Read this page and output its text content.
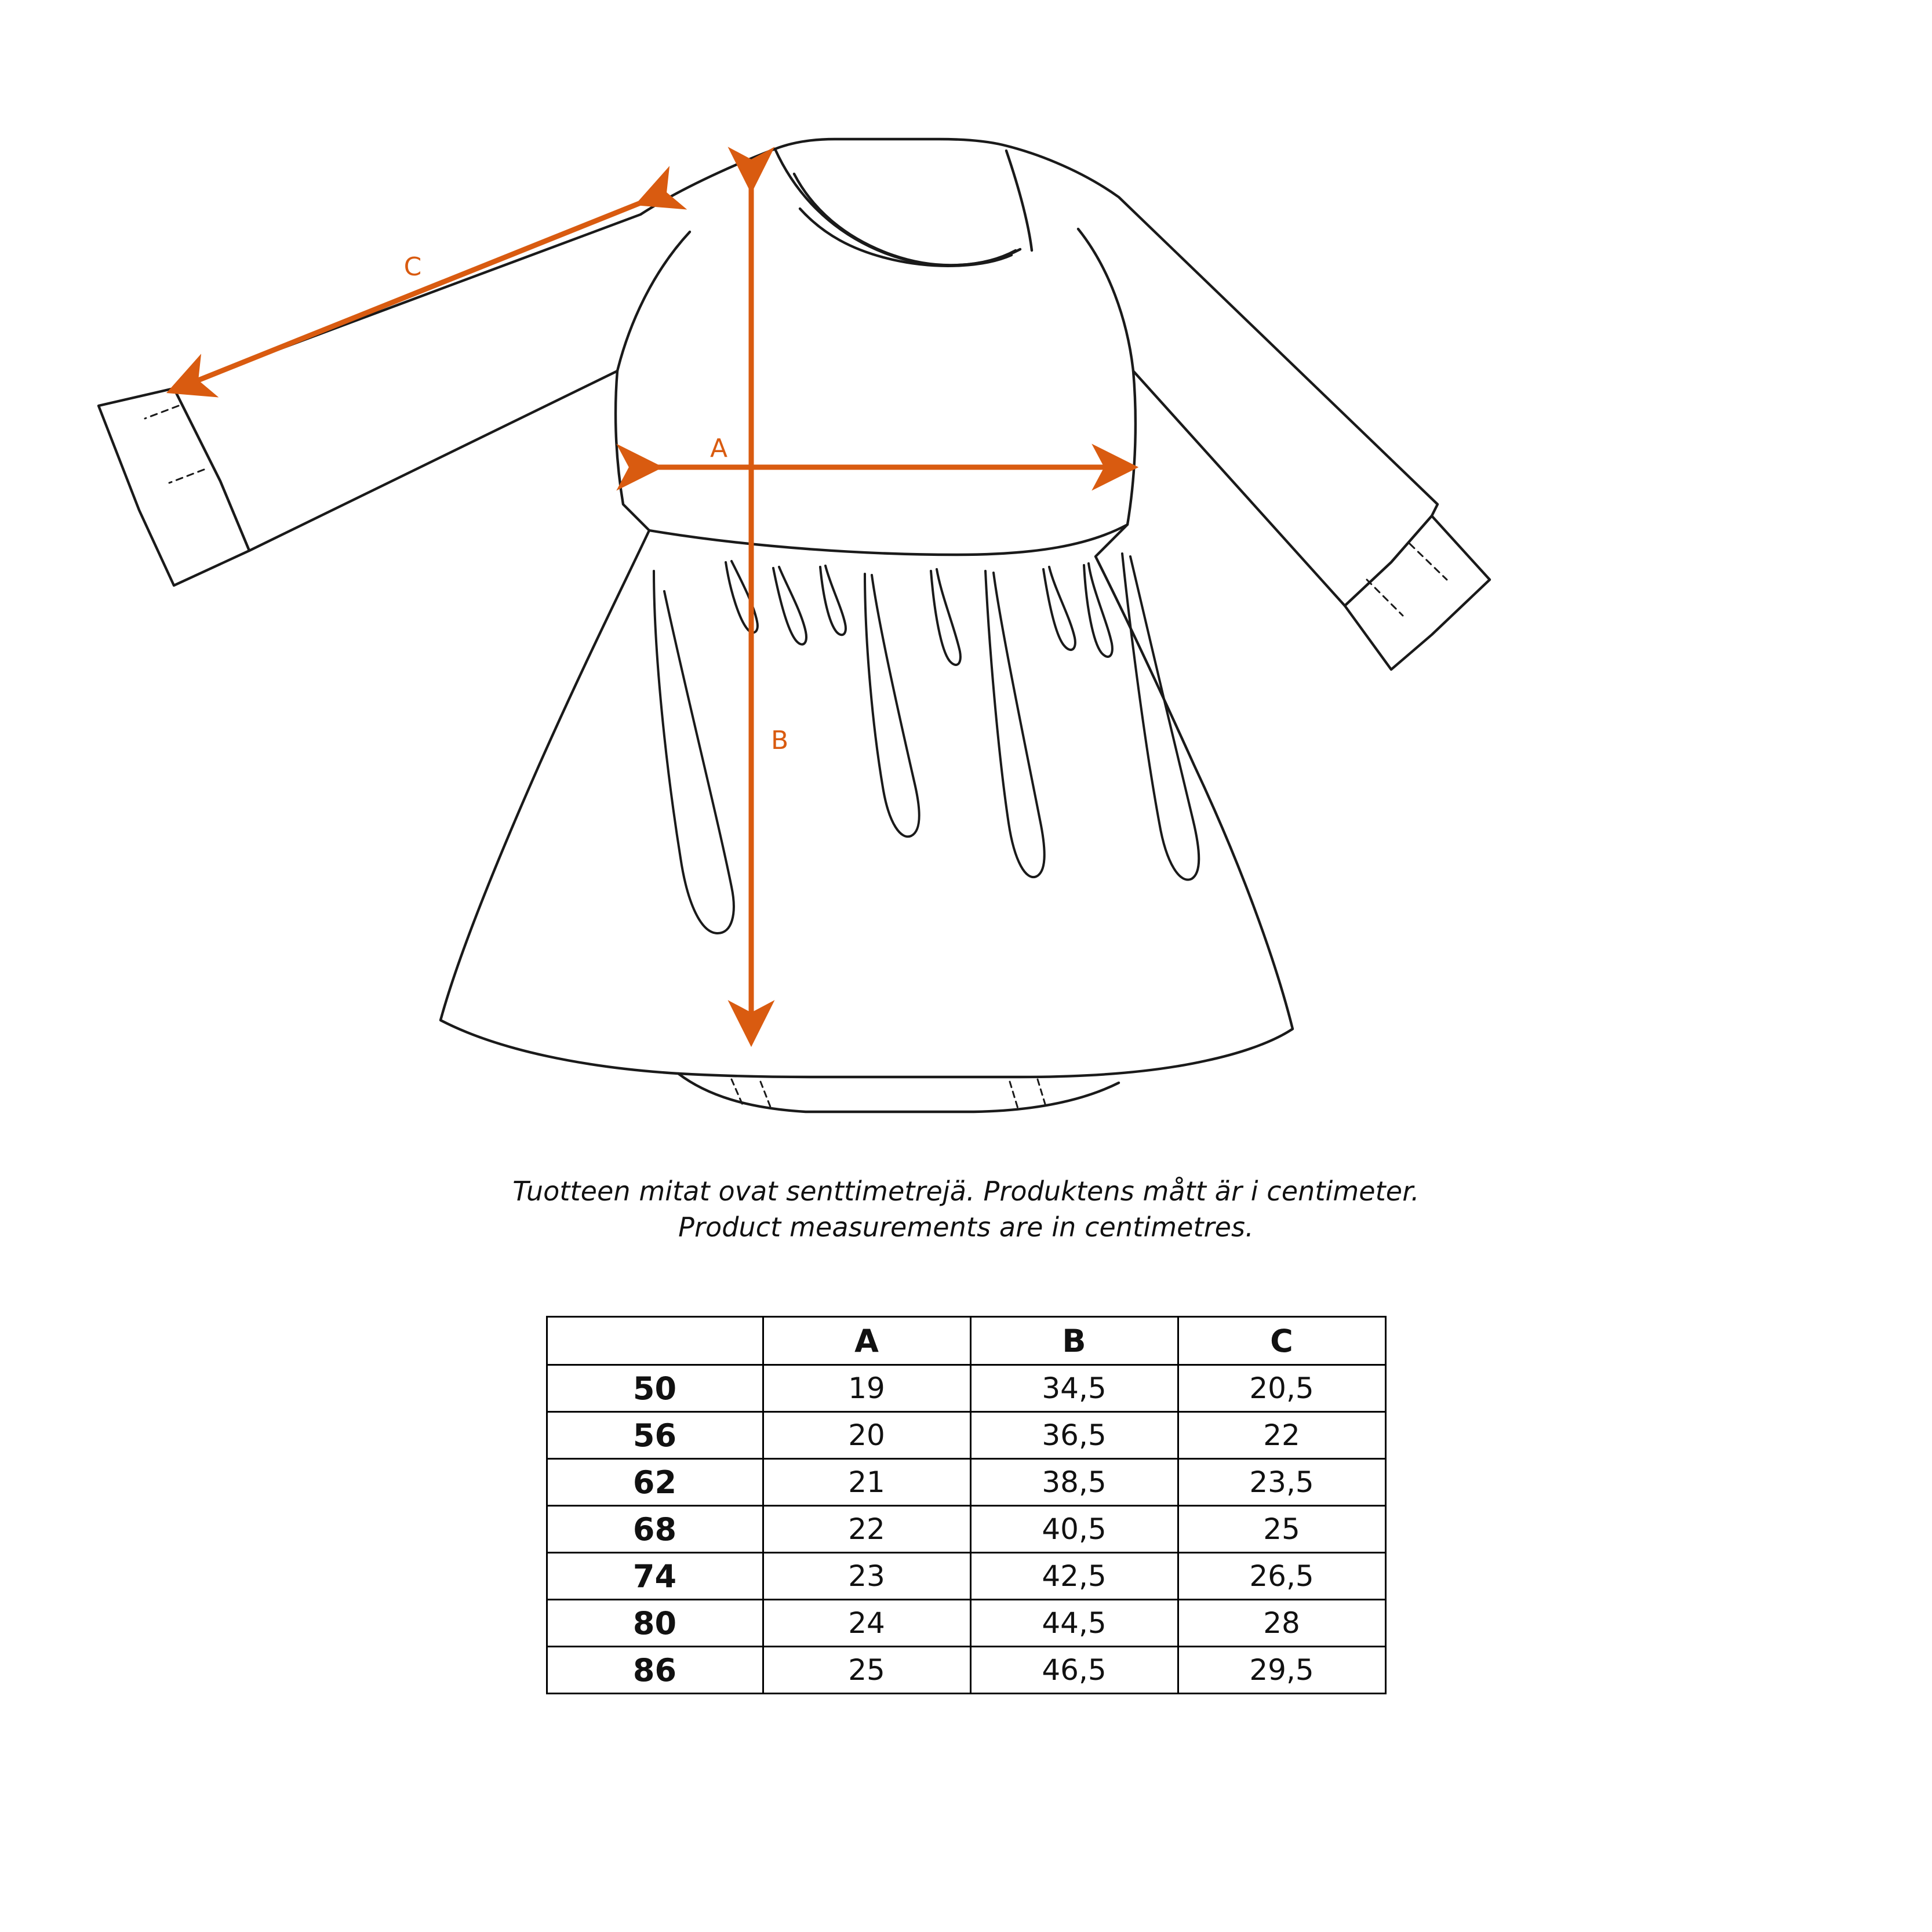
A
B
C
Tuotteen mitat ovat senttimetrejä. Produktens mått är i centimeter.
Product measurements are in centimetres.
	A	B	C
50	19	34,5	20,5
56	20	36,5	22
62	21	38,5	23,5
68	22	40,5	25
74	23	42,5	26,5
80	24	44,5	28
86	25	46,5	29,5
